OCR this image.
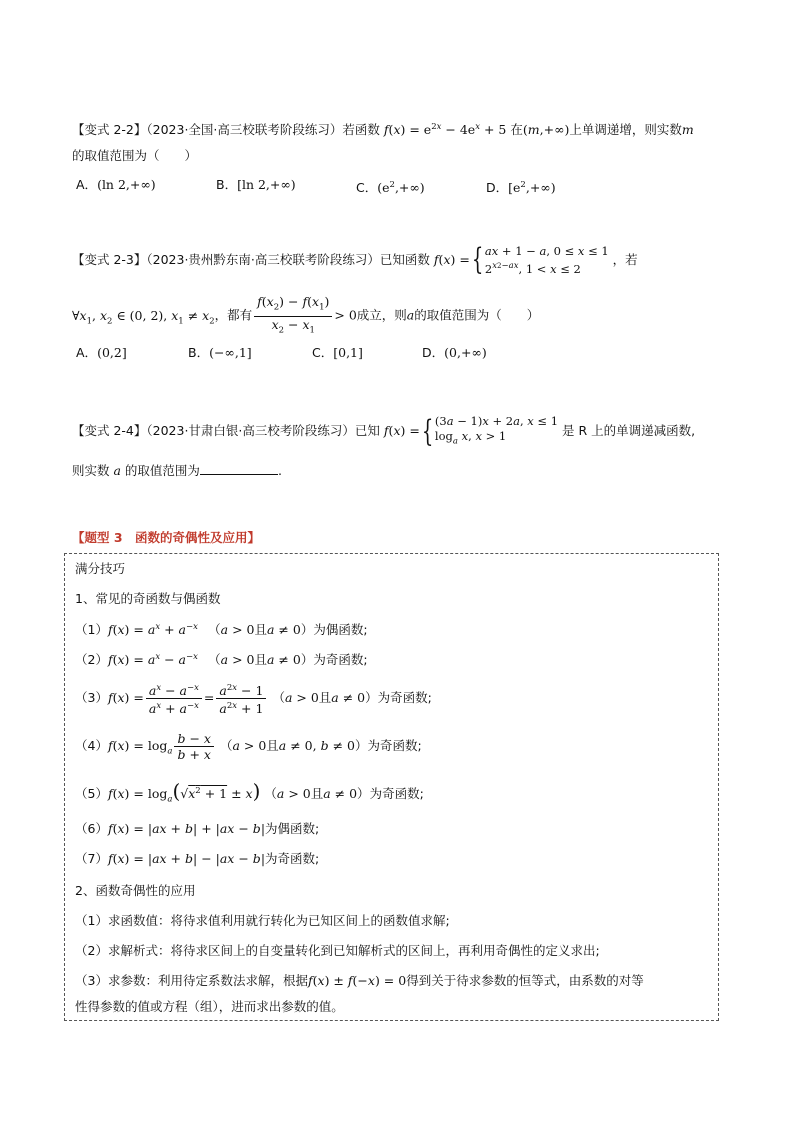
【变式 2-2】（2023·全国·高三校联考阶段练习）若函数 $f(x) = e^{2x} - 4e^x + 5$ 在(m,+∞)上单调递增，则实数m
的取值范围为（　　）
A．(ln 2,+∞)	B．[ln 2,+∞)	C．$(e^2,+\infty)$	D．$[e^2,+\infty)$
【变式 2-3】（2023·贵州黔东南·高三校联考阶段练习）已知函数 f(x) ={ ax + 1 − a, 0 ≤ x ≤ 1
$2^{x2-ax}$, 1 < x ≤ 2
，若
$\forall x_1$, $x_2$ ∈ (0, 2), $x_1 \ne x_2$，都有 $\frac{f(x_2) - f(x_1)}{x_2 - x_1} > 0$成立，则a的取值范围为（　　）
A．(0,2]	B．(−∞,1]	C．[0,1]	D．(0,+∞)
【变式 2-4】（2023·甘肃白银·高三校考阶段练习）已知 f(x) ={ (3a − 1)x + 2a, x ≤ 1
$\log_a x$, x > 1	是 R 上的单调递减函数,
则实数 a 的取值范围为	.
【题型 3　函数的奇偶性及应用】
满分技巧
1、常见的奇函数与偶函数
$(1)f(x) = a^x + a^{-x}$ 　 （a > 0且a ≠ 0）为偶函数;
$(2)f(x) = a^x - a^{-x}$ 　 （a > 0且a ≠ 0）为奇函数;
$(3)f(x) = \frac{a^x - a^{-x}}{a^x + a^{-x}} = \frac{a^{2x} - 1}{a^{2x} + 1} (a > 0$且a ≠ 0）为奇函数;
$(4)f(x) = \log_a \frac{b - x}{b + x} (a > 0$且a ≠ 0, b ≠ 0）为奇函数;
$(5)f(x) = \log_a(√x^2 + 1 \pm x) (a > 0$且a ≠ 0）为奇函数;
（6）f(x) = |ax + b| + |ax − b|为偶函数;
（7）f(x) = |ax + b| − |ax − b|为奇函数;
2、函数奇偶性的应用
（1）求函数值：将待求值利用就行转化为已知区间上的函数值求解;
（2）求解析式：将待求区间上的自变量转化到已知解析式的区间上，再利用奇偶性的定义求出;
（3）求参数：利用待定系数法求解，根据f(x) ± f(−x) = 0得到关于待求参数的恒等式，由系数的对等
性得参数的值或方程（组），进而求出参数的值。
